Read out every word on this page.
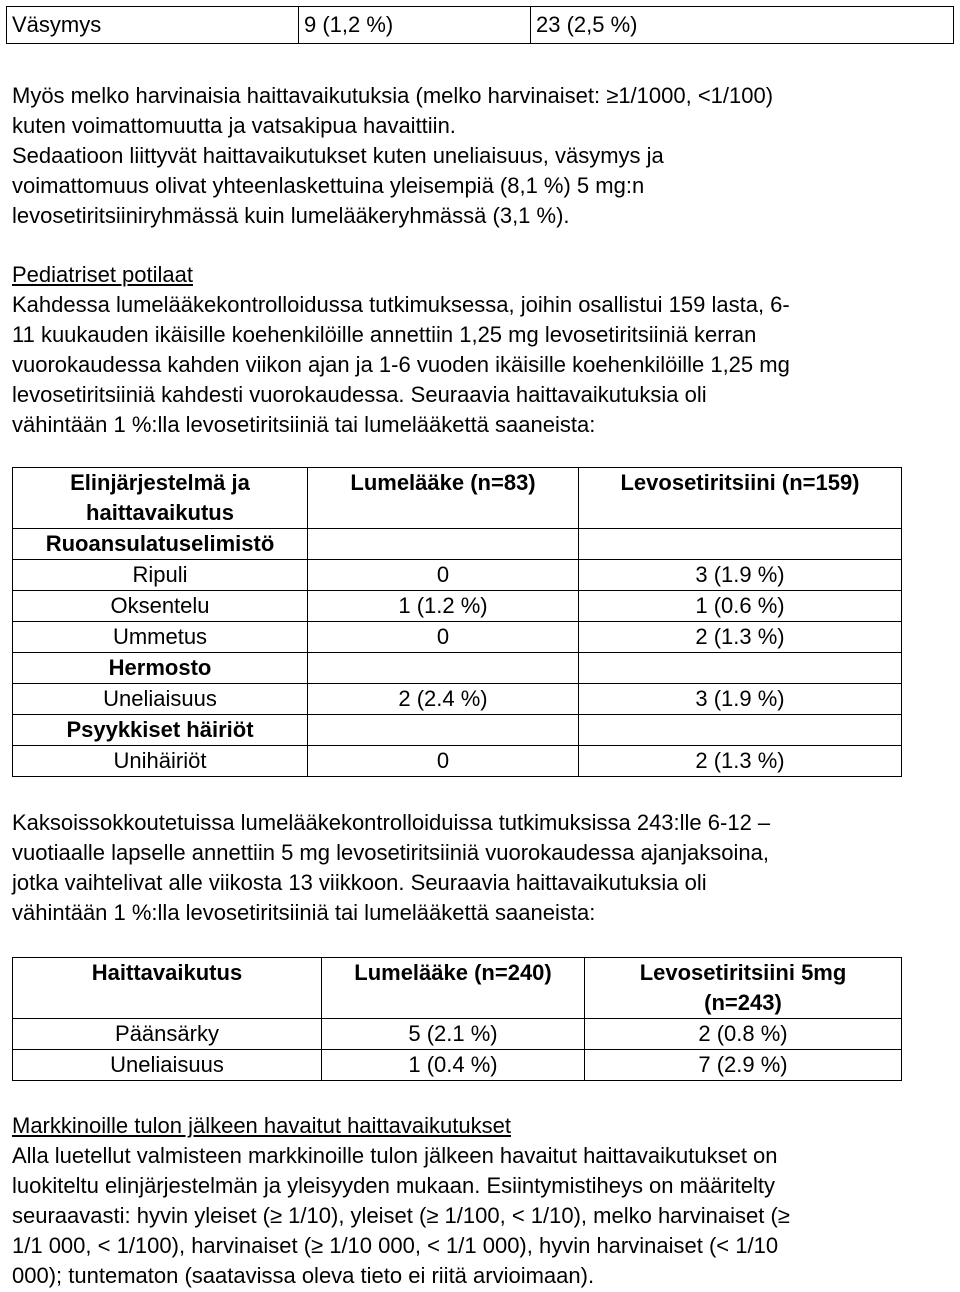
Väsymys	9 (1,2 %)	23 (2,5 %)
Myös melko harvinaisia haittavaikutuksia (melko harvinaiset: ≥1/1000, <1/100)
kuten voimattomuutta ja vatsakipua havaittiin.
Sedaatioon liittyvät haittavaikutukset kuten uneliaisuus, väsymys ja
voimattomuus olivat yhteenlaskettuina yleisempiä (8,1 %) 5 mg:n
levosetiritsiiniryhmässä kuin lumelääkeryhmässä (3,1 %).
Pediatriset potilaat
Kahdessa lumelääkekontrolloidussa tutkimuksessa, joihin osallistui 159 lasta, 6-
11 kuukauden ikäisille koehenkilöille annettiin 1,25 mg levosetiritsiiniä kerran
vuorokaudessa kahden viikon ajan ja 1-6 vuoden ikäisille koehenkilöille 1,25 mg
levosetiritsiiniä kahdesti vuorokaudessa. Seuraavia haittavaikutuksia oli
vähintään 1 %:lla levosetiritsiiniä tai lumelääkettä saaneista:
Elinjärjestelmä ja haittavaikutus	Lumelääke (n=83)	Levosetiritsiini (n=159)
Ruoansulatuselimistö		
Ripuli	0	3 (1.9 %)
Oksentelu	1 (1.2 %)	1 (0.6 %)
Ummetus	0	2 (1.3 %)
Hermosto		
Uneliaisuus	2 (2.4 %)	3 (1.9 %)
Psyykkiset häiriöt		
Unihäiriöt	0	2 (1.3 %)
Kaksoissokkoutetuissa lumelääkekontrolloiduissa tutkimuksissa 243:lle 6-12 –
vuotiaalle lapselle annettiin 5 mg levosetiritsiiniä vuorokaudessa ajanjaksoina,
jotka vaihtelivat alle viikosta 13 viikkoon. Seuraavia haittavaikutuksia oli
vähintään 1 %:lla levosetiritsiiniä tai lumelääkettä saaneista:
Haittavaikutus	Lumelääke (n=240)	Levosetiritsiini 5mg (n=243)
Päänsärky	5 (2.1 %)	2 (0.8 %)
Uneliaisuus	1 (0.4 %)	7 (2.9 %)
Markkinoille tulon jälkeen havaitut haittavaikutukset
Alla luetellut valmisteen markkinoille tulon jälkeen havaitut haittavaikutukset on
luokiteltu elinjärjestelmän ja yleisyyden mukaan. Esiintymistiheys on määritelty
seuraavasti: hyvin yleiset (≥ 1/10), yleiset (≥ 1/100, < 1/10), melko harvinaiset (≥
1/1 000, < 1/100), harvinaiset (≥ 1/10 000, < 1/1 000), hyvin harvinaiset (< 1/10
000); tuntematon (saatavissa oleva tieto ei riitä arvioimaan).
